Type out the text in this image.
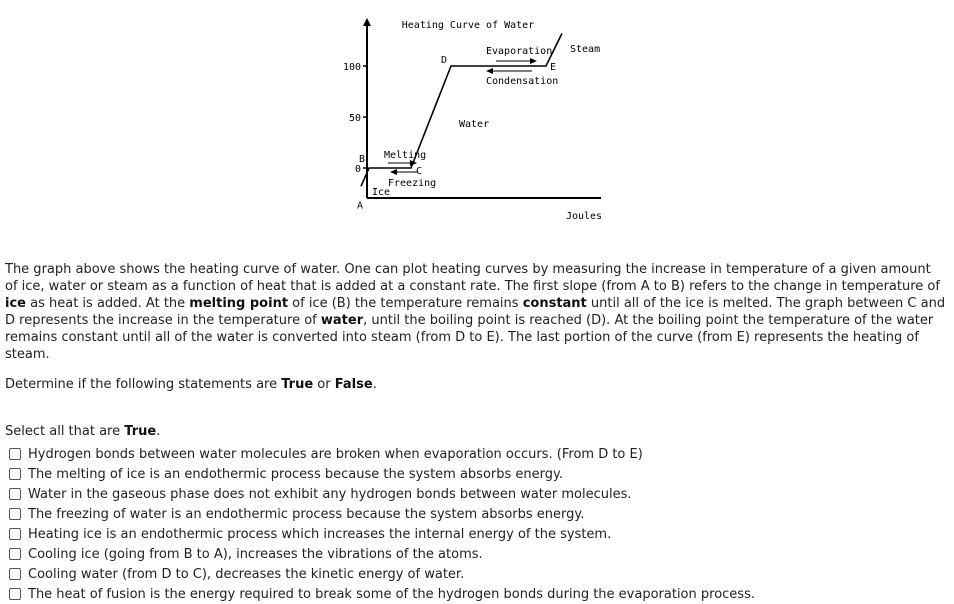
0
50
100
Heating Curve of Water
Joules
A
B
C
D
E
Ice
Melting
Freezing
Water
Evaporation
Condensation
Steam

The graph above shows the heating curve of water. One can plot heating curves by measuring the increase in temperature of a given amount of ice, water or steam as a function of heat that is added at a constant rate. The first slope (from A to B) refers to the change in temperature of ice as heat is added. At the melting point of ice (B) the temperature remains constant until all of the ice is melted. The graph between C and D represents the increase in the temperature of water, until the boiling point is reached (D). At the boiling point the temperature of the water remains constant until all of the water is converted into steam (from D to E). The last portion of the curve (from E) represents the heating of steam.

Determine if the following statements are True or False.

Select all that are True.

Hydrogen bonds between water molecules are broken when evaporation occurs. (From D to E)
The melting of ice is an endothermic process because the system absorbs energy.
Water in the gaseous phase does not exhibit any hydrogen bonds between water molecules.
The freezing of water is an endothermic process because the system absorbs energy.
Heating ice is an endothermic process which increases the internal energy of the system.
Cooling ice (going from B to A), increases the vibrations of the atoms.
Cooling water (from D to C), decreases the kinetic energy of water.
The heat of fusion is the energy required to break some of the hydrogen bonds during the evaporation process.
